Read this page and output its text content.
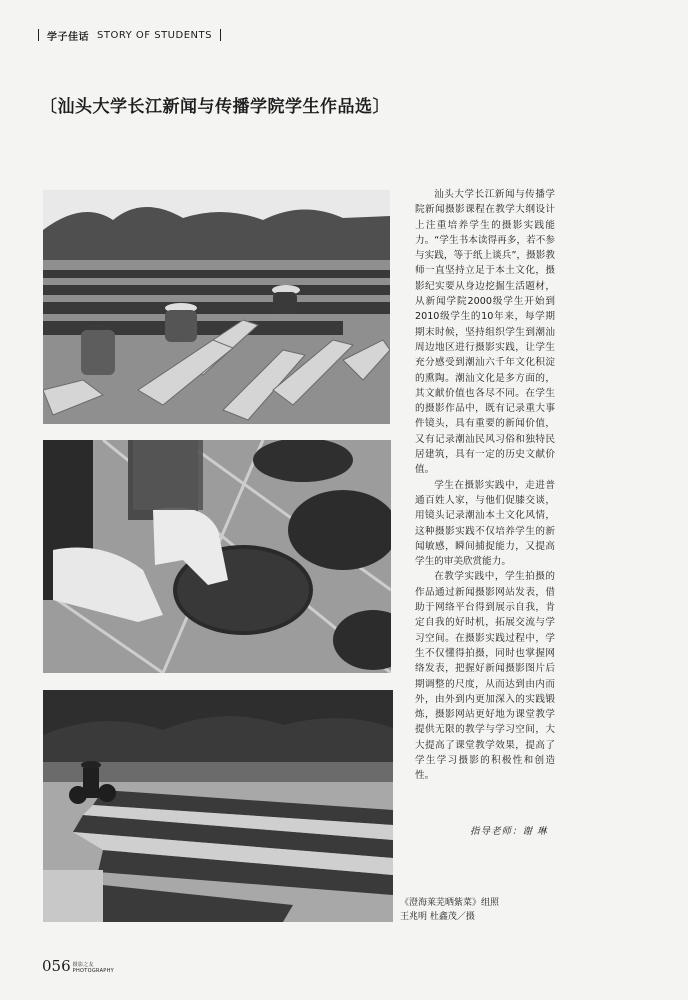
学子佳话 STORY OF STUDENTS
〔汕头大学长江新闻与传播学院学生作品选〕

汕头大学长江新闻与传播学院新闻摄影课程在教学大纲设计上注重培养学生的摄影实践能力。“学生书本读得再多，若不参与实践，等于纸上谈兵”，摄影教师一直坚持立足于本土文化，摄影纪实要从身边挖掘生活题材，从新闻学院2000级学生开始到2010级学生的10年来，每学期期末时候，坚持组织学生到潮汕周边地区进行摄影实践，让学生充分感受到潮汕六千年文化积淀的熏陶。潮汕文化是多方面的，其文献价值也各尽不同。在学生的摄影作品中，既有记录重大事件镜头，具有重要的新闻价值，又有记录潮汕民风习俗和独特民居建筑，具有一定的历史文献价值。

学生在摄影实践中，走进普通百姓人家，与他们促膝交谈，用镜头记录潮汕本土文化风情，这种摄影实践不仅培养学生的新闻敏感，瞬间捕捉能力，又提高学生的审美欣赏能力。

在教学实践中，学生拍摄的作品通过新闻摄影网站发表，借助于网络平台得到展示自我，肯定自我的好时机，拓展交流与学习空间。在摄影实践过程中，学生不仅懂得拍摄，同时也掌握网络发表，把握好新闻摄影图片后期调整的尺度，从而达到由内而外，由外到内更加深入的实践锻炼，摄影网站更好地为课堂教学提供无限的教学与学习空间，大大提高了课堂教学效果，提高了学生学习摄影的积极性和创造性。

指导老师：谢 琳
《澄海莱芜晒紫菜》组照
王兆明 杜鑫茂／摄
056 摄影之友
PHOTOGRAPHY
